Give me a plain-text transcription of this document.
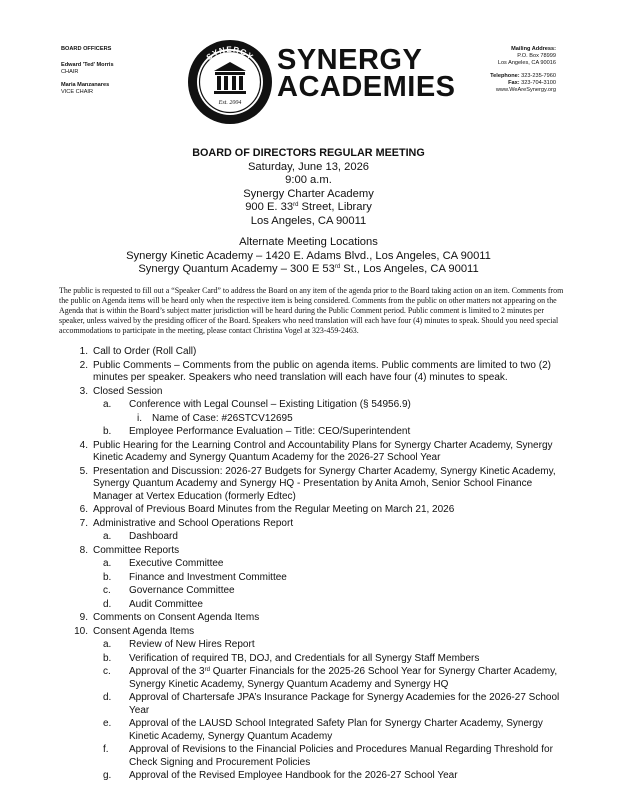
BOARD OFFICERS
Edward 'Ted' Morris
CHAIR
Maria Manzanares
VICE CHAIR
SYNERGY
Est. 2004
SYNERGY
ACADEMIES
Mailing Address:
P.O. Box 78999
Los Angeles, CA 90016
Telephone: 323-235-7960
Fax: 323-704-3100
www.WeAreSynergy.org
BOARD OF DIRECTORS REGULAR MEETING
Saturday, June 13, 2026
9:00 a.m.
Synergy Charter Academy
900 E. 33rd Street, Library
Los Angeles, CA 90011
Alternate Meeting Locations
Synergy Kinetic Academy – 1420 E. Adams Blvd., Los Angeles, CA 90011
Synergy Quantum Academy – 300 E 53rd St., Los Angeles, CA 90011
The public is requested to fill out a “Speaker Card” to address the Board on any item of the agenda prior to the Board taking action on an item. Comments from the public on Agenda items will be heard only when the respective item is being considered. Comments from the public on other matters not appearing on the Agenda that is within the Board’s subject matter jurisdiction will be heard during the Public Comment period. Public comment is limited to 2 minutes per speaker, unless waived by the presiding officer of the Board. Speakers who need translation will each have four (4) minutes to speak. Should you need special accommodations to participate in the meeting, please contact Christina Vogel at 323-459-2463.
1. Call to Order (Roll Call)
2. Public Comments – Comments from the public on agenda items. Public comments are limited to two (2) minutes per speaker. Speakers who need translation will each have four (4) minutes to speak.
3. Closed Session
a. Conference with Legal Counsel – Existing Litigation (§ 54956.9)
i. Name of Case: #26STCV12695
b. Employee Performance Evaluation – Title: CEO/Superintendent
4. Public Hearing for the Learning Control and Accountability Plans for Synergy Charter Academy, Synergy Kinetic Academy and Synergy Quantum Academy for the 2026-27 School Year
5. Presentation and Discussion: 2026-27 Budgets for Synergy Charter Academy, Synergy Kinetic Academy, Synergy Quantum Academy and Synergy HQ - Presentation by Anita Amoh, Senior School Finance Manager at Vertex Education (formerly Edtec)
6. Approval of Previous Board Minutes from the Regular Meeting on March 21, 2026
7. Administrative and School Operations Report
a. Dashboard
8. Committee Reports
a. Executive Committee
b. Finance and Investment Committee
c. Governance Committee
d. Audit Committee
9. Comments on Consent Agenda Items
10. Consent Agenda Items
a. Review of New Hires Report
b. Verification of required TB, DOJ, and Credentials for all Synergy Staff Members
c. Approval of the 3rd Quarter Financials for the 2025-26 School Year for Synergy Charter Academy, Synergy Kinetic Academy, Synergy Quantum Academy and Synergy HQ
d. Approval of Chartersafe JPA’s Insurance Package for Synergy Academies for the 2026-27 School Year
e. Approval of the LAUSD School Integrated Safety Plan for Synergy Charter Academy, Synergy Kinetic Academy, Synergy Quantum Academy
f. Approval of Revisions to the Financial Policies and Procedures Manual Regarding Threshold for Check Signing and Procurement Policies
g. Approval of the Revised Employee Handbook for the 2026-27 School Year
